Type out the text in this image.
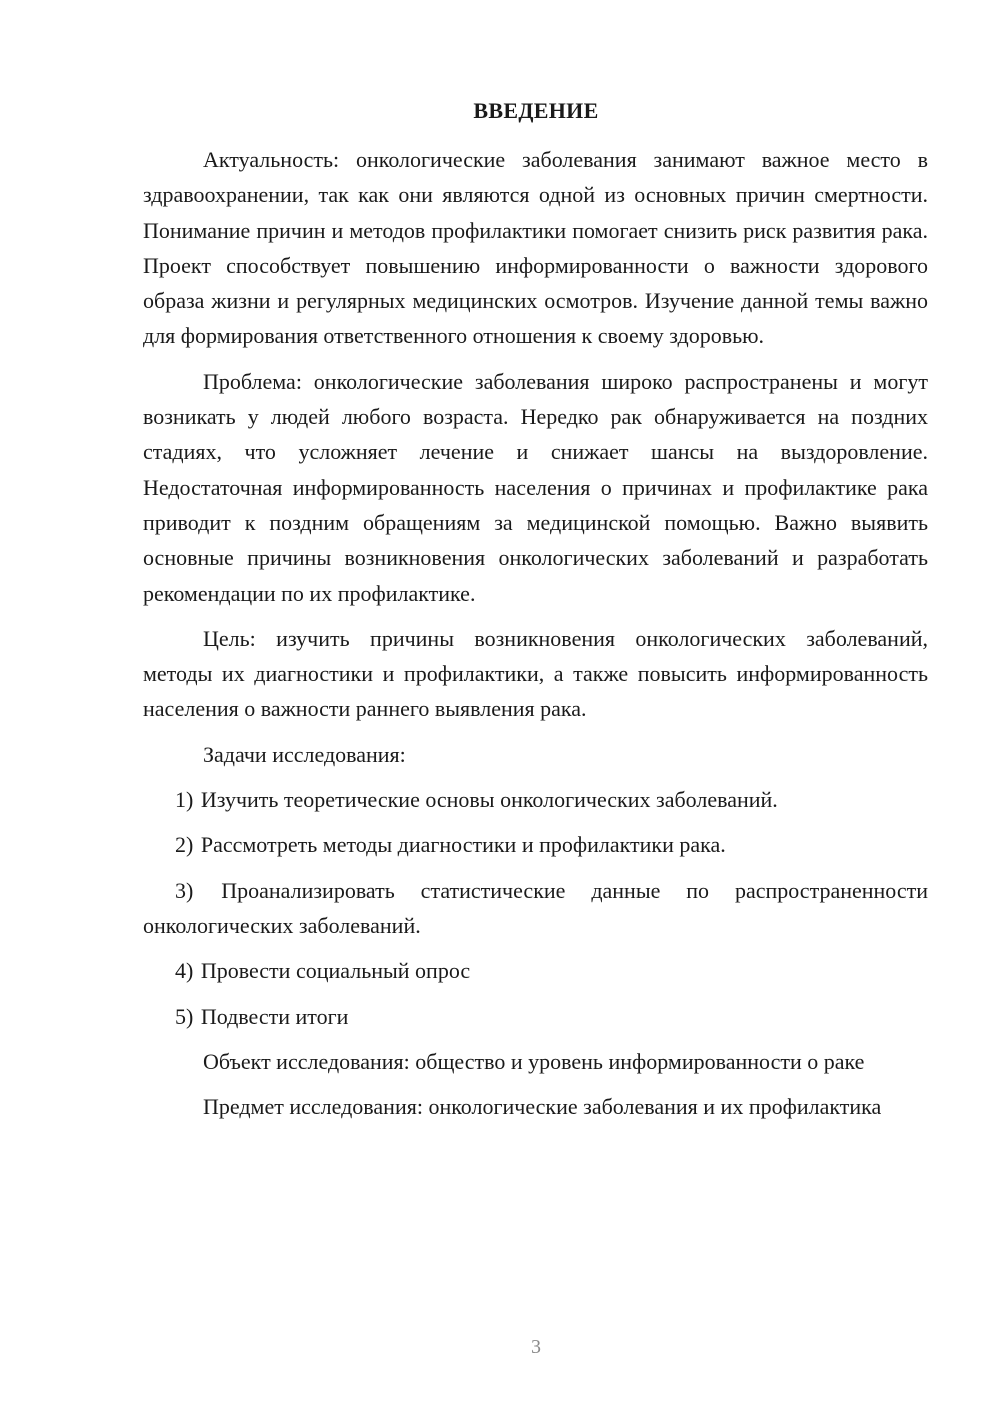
ВВЕДЕНИЕ

Актуальность: онкологические заболевания занимают важное место в здравоохранении, так как они являются одной из основных причин смертности. Понимание причин и методов профилактики помогает снизить риск развития рака. Проект способствует повышению информированности о важности здорового образа жизни и регулярных медицинских осмотров. Изучение данной темы важно для формирования ответственного отношения к своему здоровью.

Проблема: онкологические заболевания широко распространены и могут возникать у людей любого возраста. Нередко рак обнаруживается на поздних стадиях, что усложняет лечение и снижает шансы на выздоровление. Недостаточная информированность населения о причинах и профилактике рака приводит к поздним обращениям за медицинской помощью. Важно выявить основные причины возникновения онкологических заболеваний и разработать рекомендации по их профилактике.

Цель: изучить причины возникновения онкологических заболеваний, методы их диагностики и профилактики, а также повысить информированность населения о важности раннего выявления рака.

Задачи исследования:

1) Изучить теоретические основы онкологических заболеваний.

2) Рассмотреть методы диагностики и профилактики рака.

3) Проанализировать статистические данные по распространенности онкологических заболеваний.

4) Провести социальный опрос

5) Подвести итоги

Объект исследования: общество и уровень информированности о раке

Предмет исследования: онкологические заболевания и их профилактика

3
